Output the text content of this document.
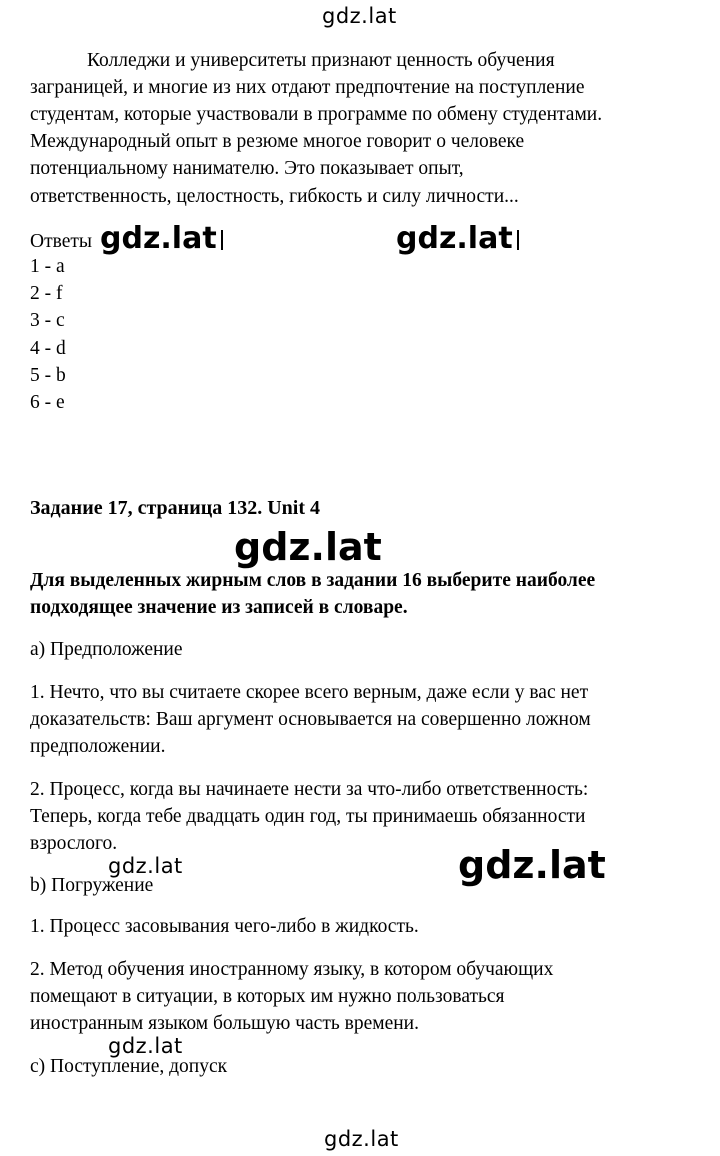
gdz.lat

Колледжи и университеты признают ценность обучения

заграницей, и многие из них отдают предпочтение на поступление

студентам, которые участвовали в программе по обмену студентами.

Международный опыт в резюме многое говорит о человеке

потенциальному нанимателю. Это показывает опыт,

ответственность, целостность, гибкость и силу личности...

Ответы gdz.lat	gdz.lat

1 - a

2 - f

3 - c

4 - d

5 - b

6 - e

Задание 17, страница 132. Unit 4

gdz.lat

Для выделенных жирным слов в задании 16 выберите наиболее

подходящее значение из записей в словаре.

a) Предположение

1. Нечто, что вы считаете скорее всего верным, даже если у вас нет

доказательств: Ваш аргумент основывается на совершенно ложном

предположении.

2. Процесс, когда вы начинаете нести за что-либо ответственность:

Теперь, когда тебе двадцать один год, ты принимаешь обязанности

взрослого.

gdz.lat	gdz.lat

b) Погружение

1. Процесс засовывания чего-либо в жидкость.

2. Метод обучения иностранному языку, в котором обучающих

помещают в ситуации, в которых им нужно пользоваться

иностранным языком большую часть времени.

gdz.lat

c) Поступление, допуск

gdz.lat
